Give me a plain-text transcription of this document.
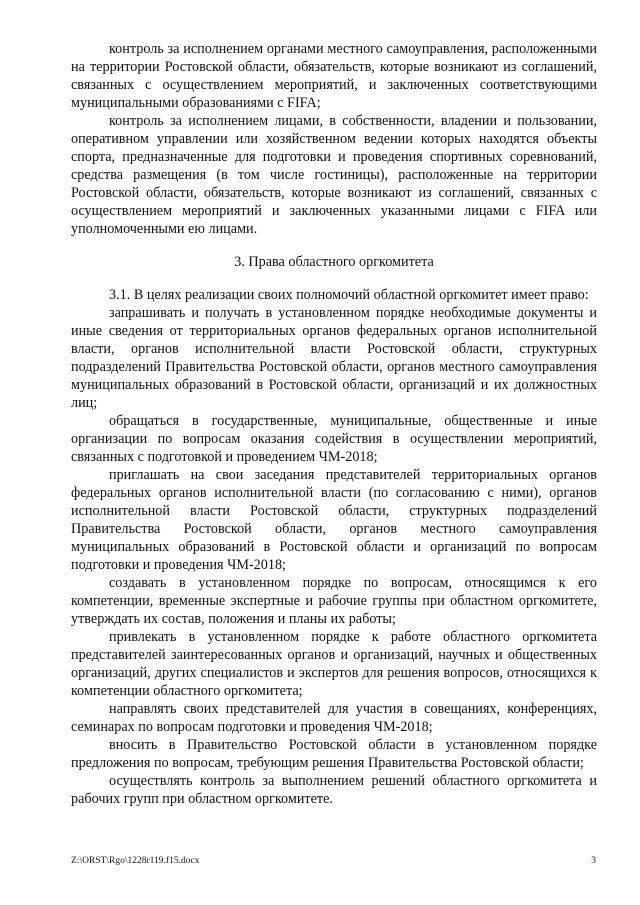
контроль за исполнением органами местного самоуправления, расположенными на территории Ростовской области, обязательств, которые возникают из соглашений, связанных с осуществлением мероприятий, и заключенных соответствующими муниципальными образованиями с FIFA;

контроль за исполнением лицами, в собственности, владении и пользовании, оперативном управлении или хозяйственном ведении которых находятся объекты спорта, предназначенные для подготовки и проведения спортивных соревнований, средства размещения (в том числе гостиницы), расположенные на территории Ростовской области, обязательств, которые возникают из соглашений, связанных с осуществлением мероприятий и заключенных указанными лицами с FIFA или уполномоченными ею лицами.

3. Права областного оргкомитета

3.1. В целях реализации своих полномочий областной оргкомитет имеет право:

запрашивать и получать в установленном порядке необходимые документы и иные сведения от территориальных органов федеральных органов исполнительной власти, органов исполнительной власти Ростовской области, структурных подразделений Правительства Ростовской области, органов местного самоуправления муниципальных образований в Ростовской области, организаций и их должностных лиц;

обращаться в государственные, муниципальные, общественные и иные организации по вопросам оказания содействия в осуществлении мероприятий, связанных с подготовкой и проведением ЧМ-2018;

приглашать на свои заседания представителей территориальных органов федеральных органов исполнительной власти (по согласованию с ними), органов исполнительной власти Ростовской области, структурных подразделений Правительства Ростовской области, органов местного самоуправления муниципальных образований в Ростовской области и организаций по вопросам подготовки и проведения ЧМ-2018;

создавать в установленном порядке по вопросам, относящимся к его компетенции, временные экспертные и рабочие группы при областном оргкомитете, утверждать их состав, положения и планы их работы;

привлекать в установленном порядке к работе областного оргкомитета представителей заинтересованных органов и организаций, научных и общественных организаций, других специалистов и экспертов для решения вопросов, относящихся к компетенции областного оргкомитета;

направлять своих представителей для участия в совещаниях, конференциях, семинарах по вопросам подготовки и проведения ЧМ-2018;

вносить в Правительство Ростовской области в установленном порядке предложения по вопросам, требующим решения Правительства Ростовской области;

осуществлять контроль за выполнением решений областного оргкомитета и рабочих групп при областном оргкомитете.

Z:\ORST\Rgo\1228r119.f15.docx	3
